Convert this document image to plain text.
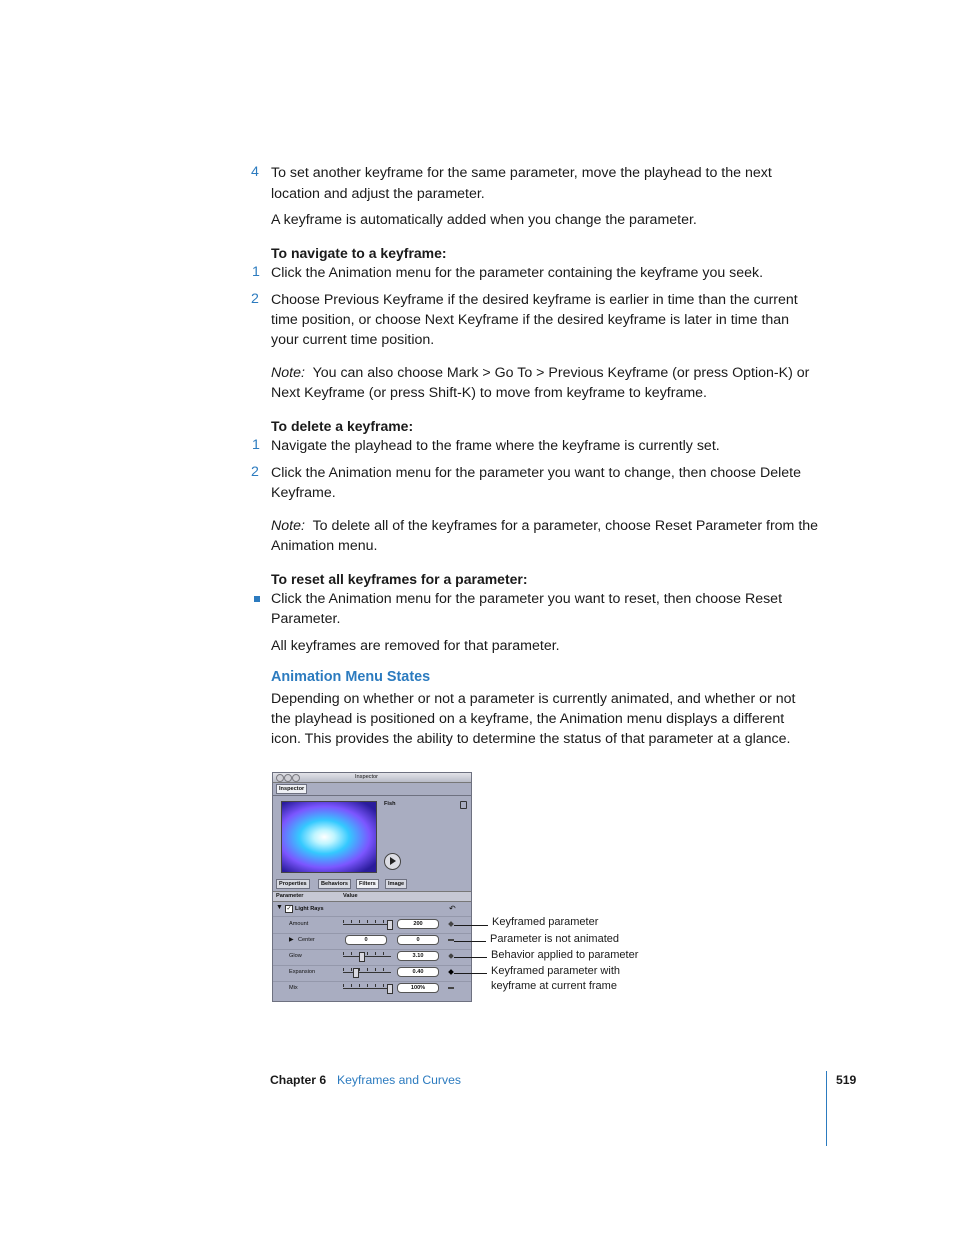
4 To set another keyframe for the same parameter, move the playhead to the next
location and adjust the parameter.
A keyframe is automatically added when you change the parameter.
To navigate to a keyframe:
1 Click the Animation menu for the parameter containing the keyframe you seek.
2 Choose Previous Keyframe if the desired keyframe is earlier in time than the current
time position, or choose Next Keyframe if the desired keyframe is later in time than
your current time position.
Note: You can also choose Mark > Go To > Previous Keyframe (or press Option-K) or
Next Keyframe (or press Shift-K) to move from keyframe to keyframe.
To delete a keyframe:
1 Navigate the playhead to the frame where the keyframe is currently set.
2 Click the Animation menu for the parameter you want to change, then choose Delete
Keyframe.
Note: To delete all of the keyframes for a parameter, choose Reset Parameter from the
Animation menu.
To reset all keyframes for a parameter:
Click the Animation menu for the parameter you want to reset, then choose Reset
Parameter.
All keyframes are removed for that parameter.
Animation Menu States
Depending on whether or not a parameter is currently animated, and whether or not
the playhead is positioned on a keyframe, the Animation menu displays a different
icon. This provides the ability to determine the status of that parameter at a glance.
Inspector
Inspector
Fish
Properties	Behaviors	Filters	Image
Parameter	Value
▼ ✓ Light Rays	↶
Amount	200
▶ Center	0	0
Glow	3.10
Expansion	0.40
Mix	100%
Keyframed parameter
Parameter is not animated
Behavior applied to parameter
Keyframed parameter with
keyframe at current frame
Chapter 6 Keyframes and Curves	519
